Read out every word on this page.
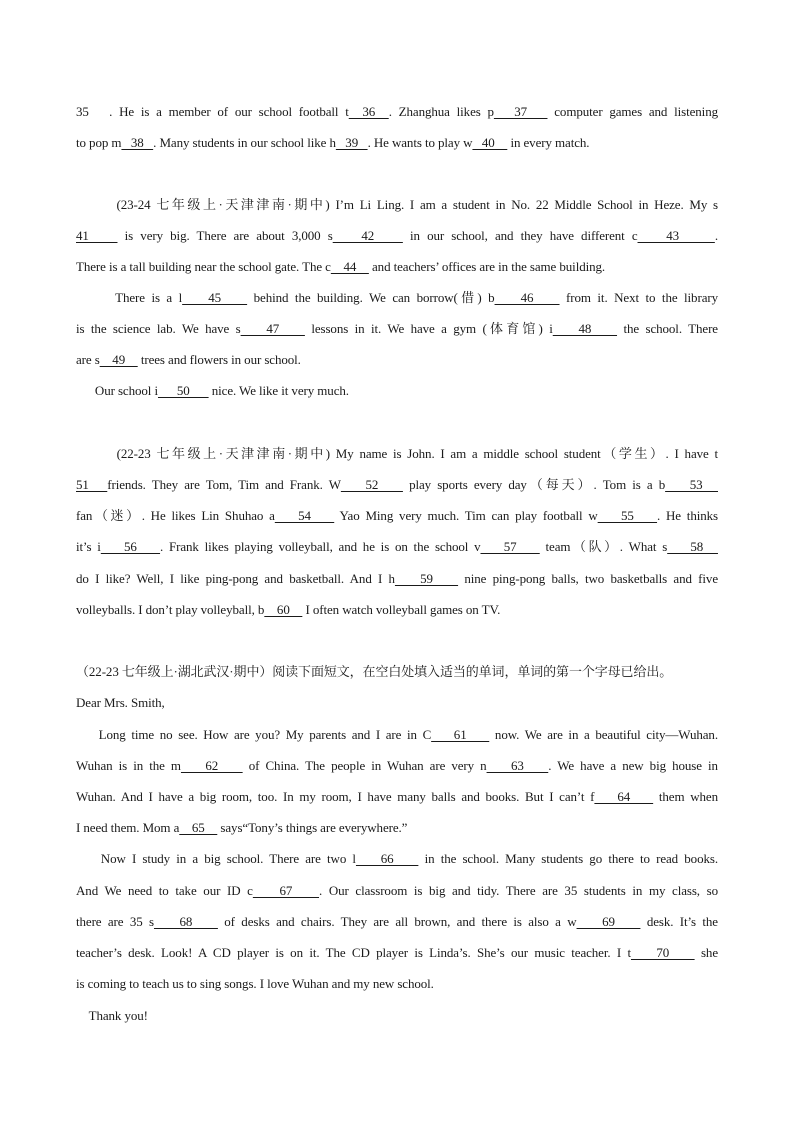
35   . He is a member of our school football t  36  . Zhanghua likes p   37    computer games and listening
to pop m   38   . Many students in our school like h   39   . He wants to play w   40     in every match.
(23-24 七年级上·天津津南·期中) I’m Li Ling. I am a student in No. 22 Middle School in Heze. My s
41     is very big. There are about 3,000 s    42     in our school, and they have different c    43     .
There is a tall building near the school gate. The c    44     and teachers’ offices are in the same building.
There is a l    45     behind the building. We can borrow(借) b    46     from it. Next to the library
is the science lab. We have s    47     lessons in it. We have a gym (体育馆) i    48     the school. There
are s    49     trees and flowers in our school.
Our school i      50       nice. We like it very much.
(22-23 七年级上·天津津南·期中) My name is John. I am a middle school student（学生）. I have t
51   friends. They are Tom, Tim and Frank. W    52     play sports every day（每天）. Tom is a b    53
fan（迷）. He likes Lin Shuhao a    54     Yao Ming very much. Tim can play football w    55    . He thinks
it’s i    56    . Frank likes playing volleyball, and he is on the school v    57     team（队）. What s    58
do I like? Well, I like ping-pong and basketball. And I h    59     nine ping-pong balls, two basketballs and five
volleyballs. I don’t play volleyball, b    60     I often watch volleyball games on TV.
（22-23 七年级上·湖北武汉·期中）阅读下面短文，在空白处填入适当的单词，单词的第一个字母已给出。
Dear Mrs. Smith,
Long time no see. How are you? My parents and I are in C    61     now. We are in a beautiful city—Wuhan.
Wuhan is in the m    62     of China. The people in Wuhan are very n    63    . We have a new big house in
Wuhan. And I have a big room, too. In my room, I have many balls and books. But I can’t f    64     them when
I need them. Mom a    65     says“Tony’s things are everywhere.”
Now I study in a big school. There are two l    66     in the school. Many students go there to read books.
And We need to take our ID c    67    . Our classroom is big and tidy. There are 35 students in my class, so
there are 35 s    68     of desks and chairs. They are all brown, and there is also a w    69     desk. It’s the
teacher’s desk. Look! A CD player is on it. The CD player is Linda’s. She’s our music teacher. I t    70     she
is coming to teach us to sing songs. I love Wuhan and my new school.
Thank you!
